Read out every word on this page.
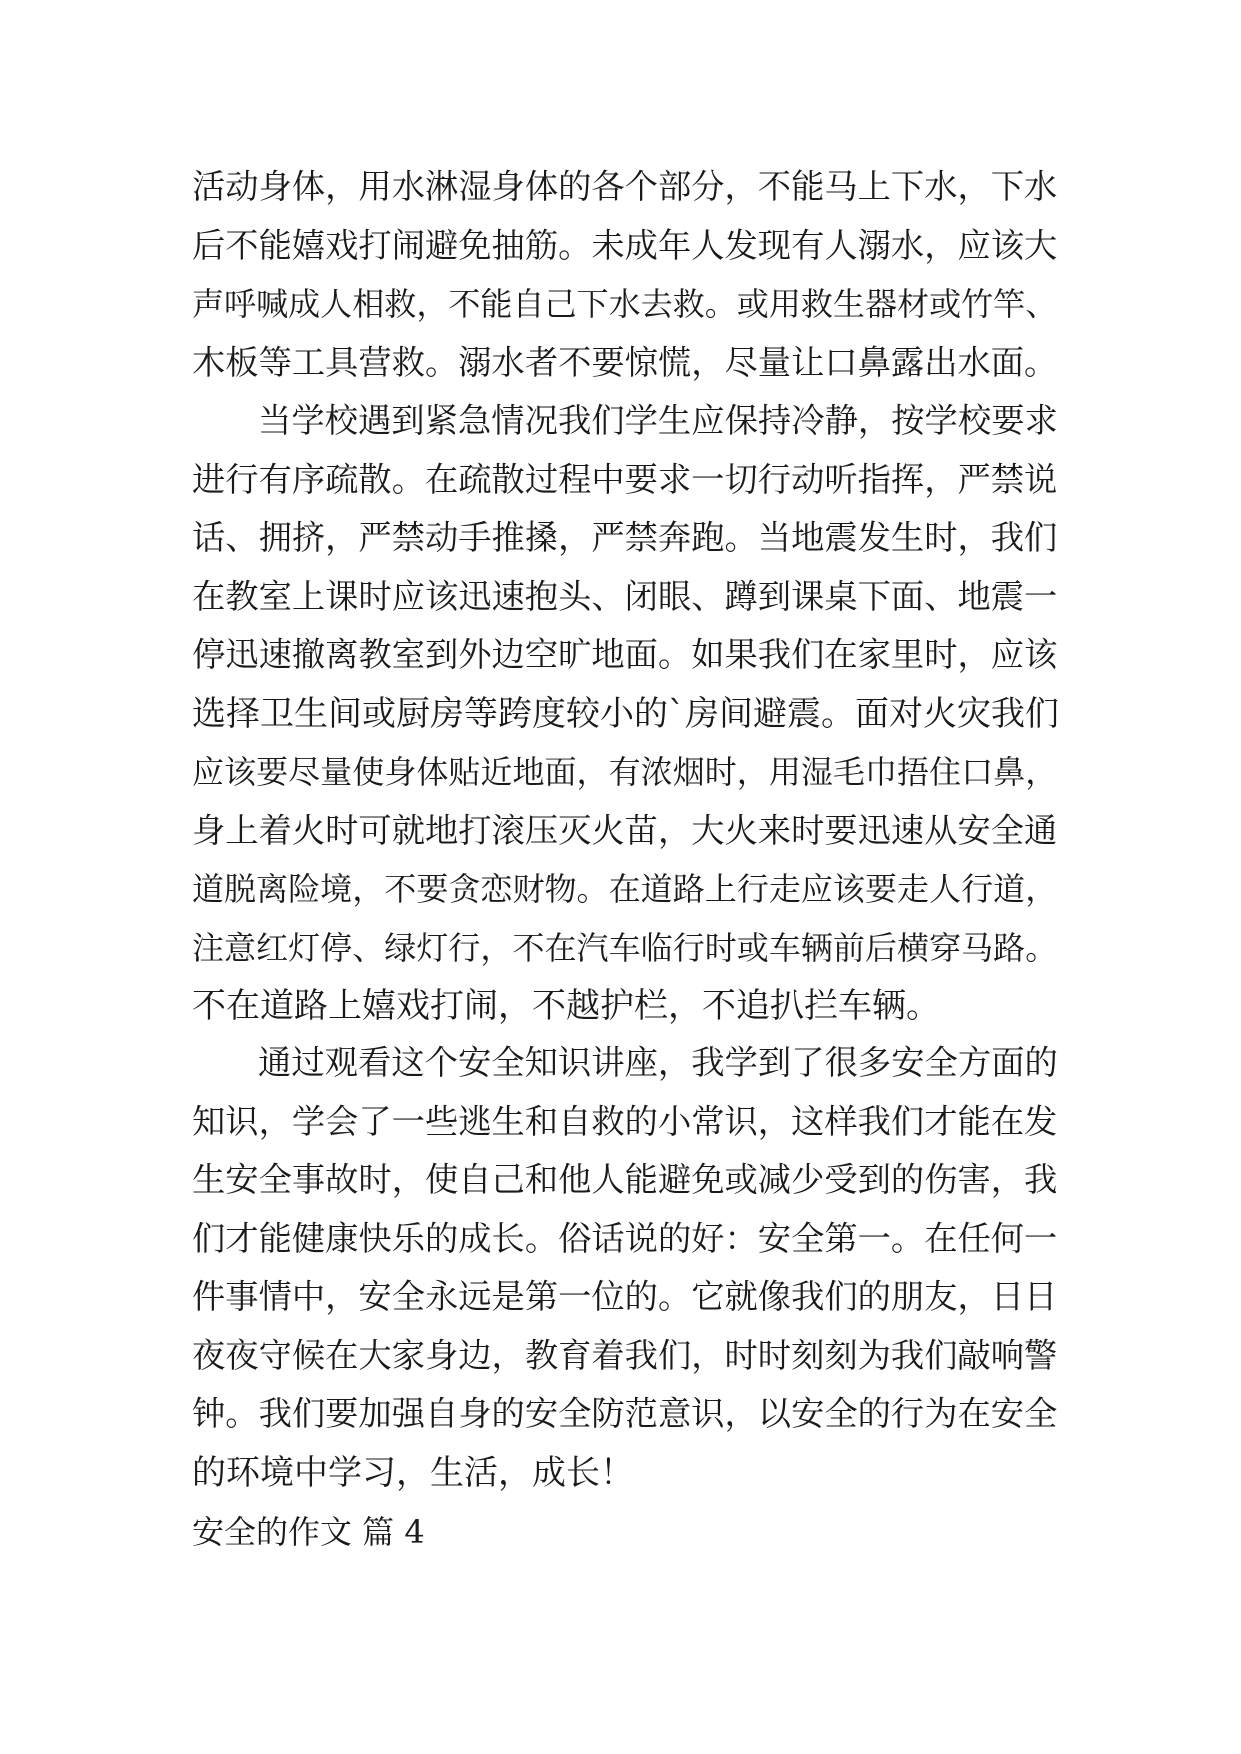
活动身体，用水淋湿身体的各个部分，不能马上下水，下水
后不能嬉戏打闹避免抽筋。未成年人发现有人溺水，应该大
声呼喊成人相救，不能自己下水去救。或用救生器材或竹竿、
木板等工具营救。溺水者不要惊慌，尽量让口鼻露出水面。
当学校遇到紧急情况我们学生应保持冷静，按学校要求
进行有序疏散。在疏散过程中要求一切行动听指挥，严禁说
话、拥挤，严禁动手推搡，严禁奔跑。当地震发生时，我们
在教室上课时应该迅速抱头、闭眼、蹲到课桌下面、地震一
停迅速撤离教室到外边空旷地面。如果我们在家里时，应该
选择卫生间或厨房等跨度较小的`房间避震。面对火灾我们
应该要尽量使身体贴近地面，有浓烟时，用湿毛巾捂住口鼻，
身上着火时可就地打滚压灭火苗，大火来时要迅速从安全通
道脱离险境，不要贪恋财物。在道路上行走应该要走人行道，
注意红灯停、绿灯行，不在汽车临行时或车辆前后横穿马路。
不在道路上嬉戏打闹，不越护栏，不追扒拦车辆。
通过观看这个安全知识讲座，我学到了很多安全方面的
知识，学会了一些逃生和自救的小常识，这样我们才能在发
生安全事故时，使自己和他人能避免或减少受到的伤害，我
们才能健康快乐的成长。俗话说的好：安全第一。在任何一
件事情中，安全永远是第一位的。它就像我们的朋友，日日
夜夜守候在大家身边，教育着我们，时时刻刻为我们敲响警
钟。我们要加强自身的安全防范意识，以安全的行为在安全
的环境中学习，生活，成长！
安全的作文 篇 4
